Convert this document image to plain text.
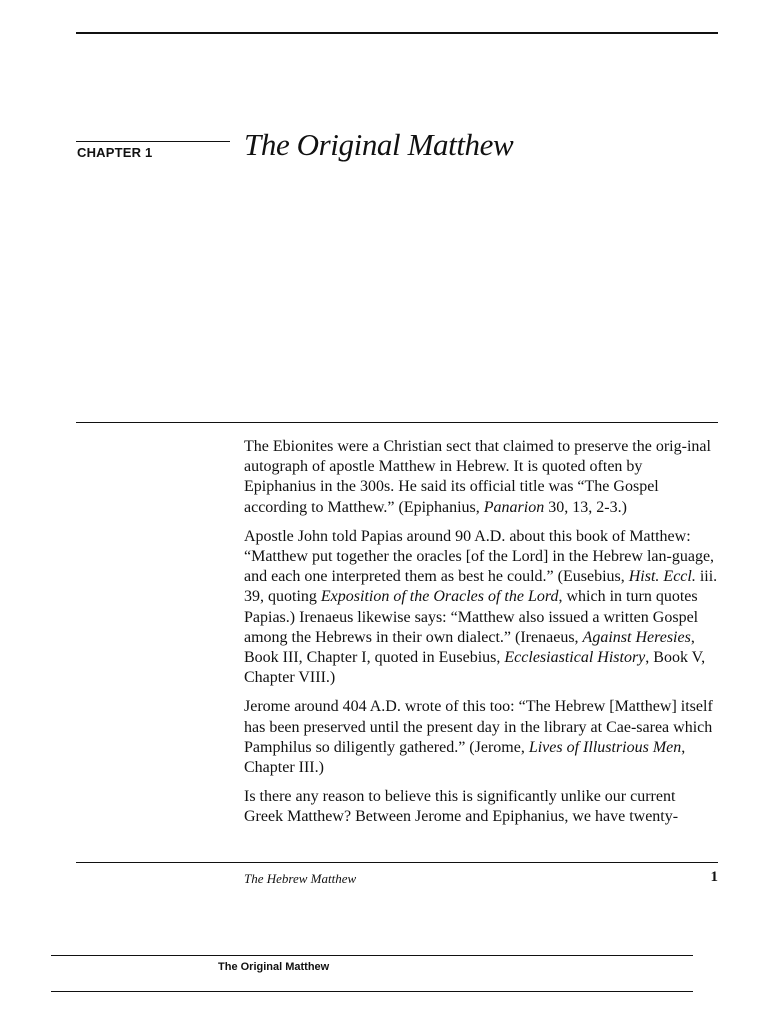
CHAPTER 1	The Original Matthew

The Ebionites were a Christian sect that claimed to preserve the orig-inal autograph of apostle Matthew in Hebrew. It is quoted often by Epiphanius in the 300s. He said its official title was “The Gospel according to Matthew.” (Epiphanius, Panarion 30, 13, 2-3.)

Apostle John told Papias around 90 A.D. about this book of Matthew: “Matthew put together the oracles [of the Lord] in the Hebrew lan-guage, and each one interpreted them as best he could.” (Eusebius, Hist. Eccl. iii. 39, quoting Exposition of the Oracles of the Lord, which in turn quotes Papias.) Irenaeus likewise says: “Matthew also issued a written Gospel among the Hebrews in their own dialect.” (Irenaeus, Against Heresies, Book III, Chapter I, quoted in Eusebius, Ecclesiastical History, Book V, Chapter VIII.)

Jerome around 404 A.D. wrote of this too: “The Hebrew [Matthew] itself has been preserved until the present day in the library at Cae-sarea which Pamphilus so diligently gathered.” (Jerome, Lives of Illustrious Men, Chapter III.)

Is there any reason to believe this is significantly unlike our current Greek Matthew? Between Jerome and Epiphanius, we have twenty-

The Hebrew Matthew	1
The Original Matthew
